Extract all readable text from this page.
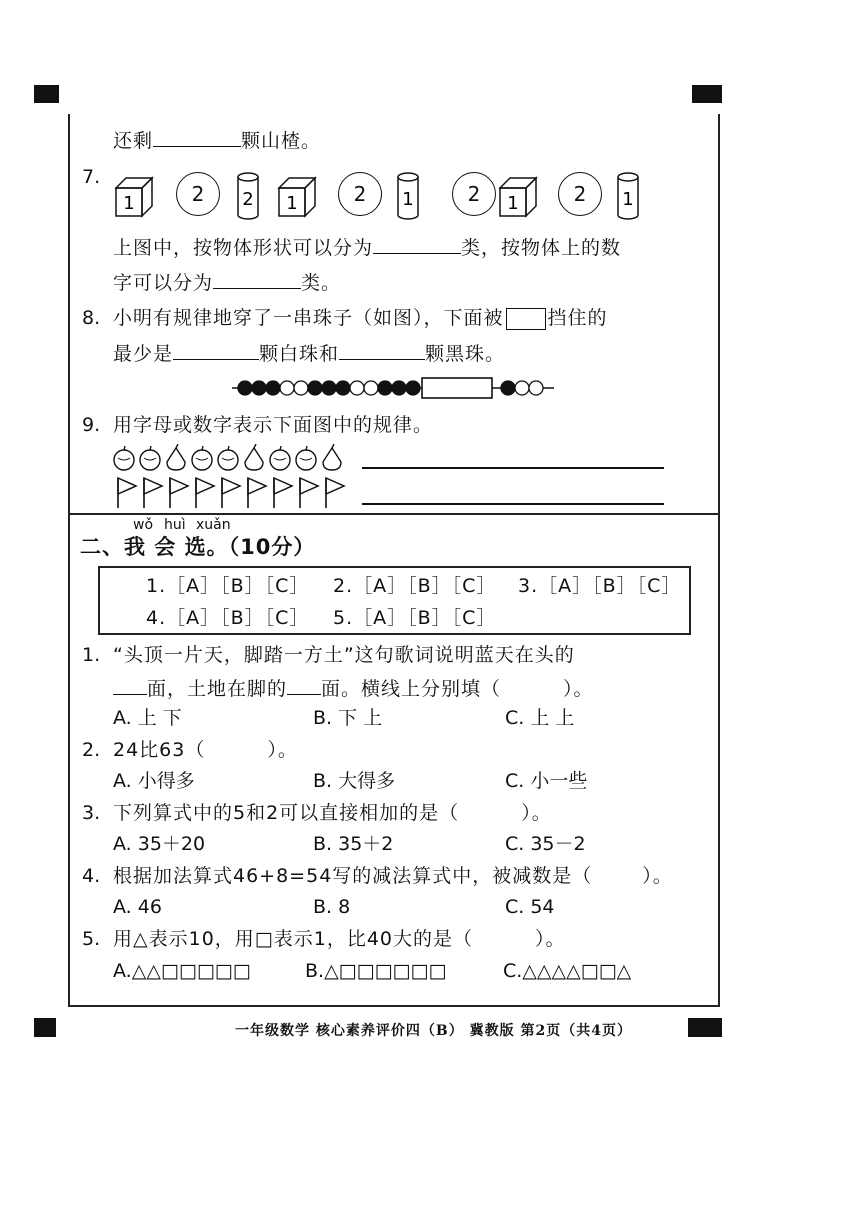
还剩	颗山楂。
7.
1	2	2 1	2	1	2	1	2	1
上图中，按物体形状可以分为	类，按物体上的数
字可以分为	类。
8. 小明有规律地穿了一串珠子（如图），下面被 挡住的
最少是	颗白珠和	颗黑珠。
9. 用字母或数字表示下面图中的规律。
wǒ huì xuǎn
二、我 会 选。（10分）
1.［A］［B］［C］ 2.［A］［B］［C］ 3.［A］［B］［C］
4.［A］［B］［C］ 5.［A］［B］［C］
1. “头顶一片天，脚踏一方土”这句歌词说明蓝天在头的
面，土地在脚的 面。横线上分别填（	）。
A. 上 下	B. 下 上	C. 上 上
2. 24比63（	）。
A. 小得多	B. 大得多	C. 小一些
3. 下列算式中的5和2可以直接相加的是（	）。
A. 35＋20	B. 35＋2	C. 35－2
4. 根据加法算式46+8=54写的减法算式中，被减数是（	）。
A. 46	B. 8	C. 54
5. 用△表示10，用□表示1，比40大的是（	）。
A.△△□□□□□	B.△□□□□□□	C.△△△△□□△
一年级数学 核心素养评价四（B） 冀教版 第2页（共4页）
